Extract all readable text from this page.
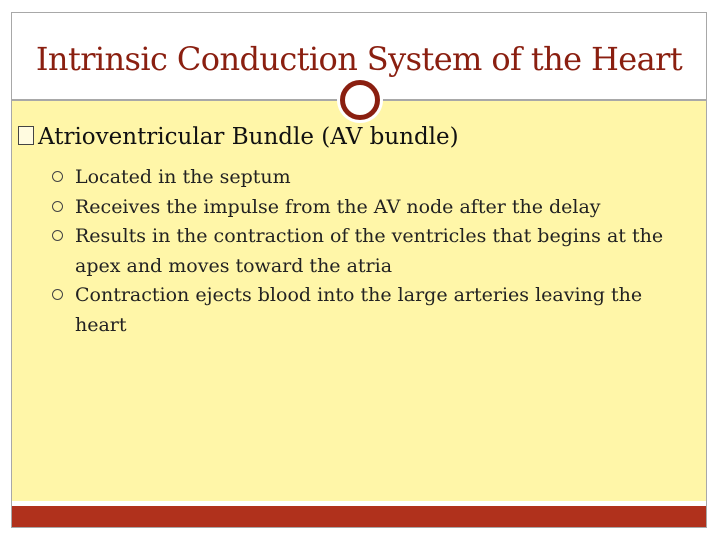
Intrinsic Conduction System of the Heart
Atrioventricular Bundle (AV bundle)
Located in the septum
Receives the impulse from the AV node after the delay
Results in the contraction of the ventricles that begins at the apex and moves toward the atria
Contraction ejects blood into the large arteries leaving the heart
